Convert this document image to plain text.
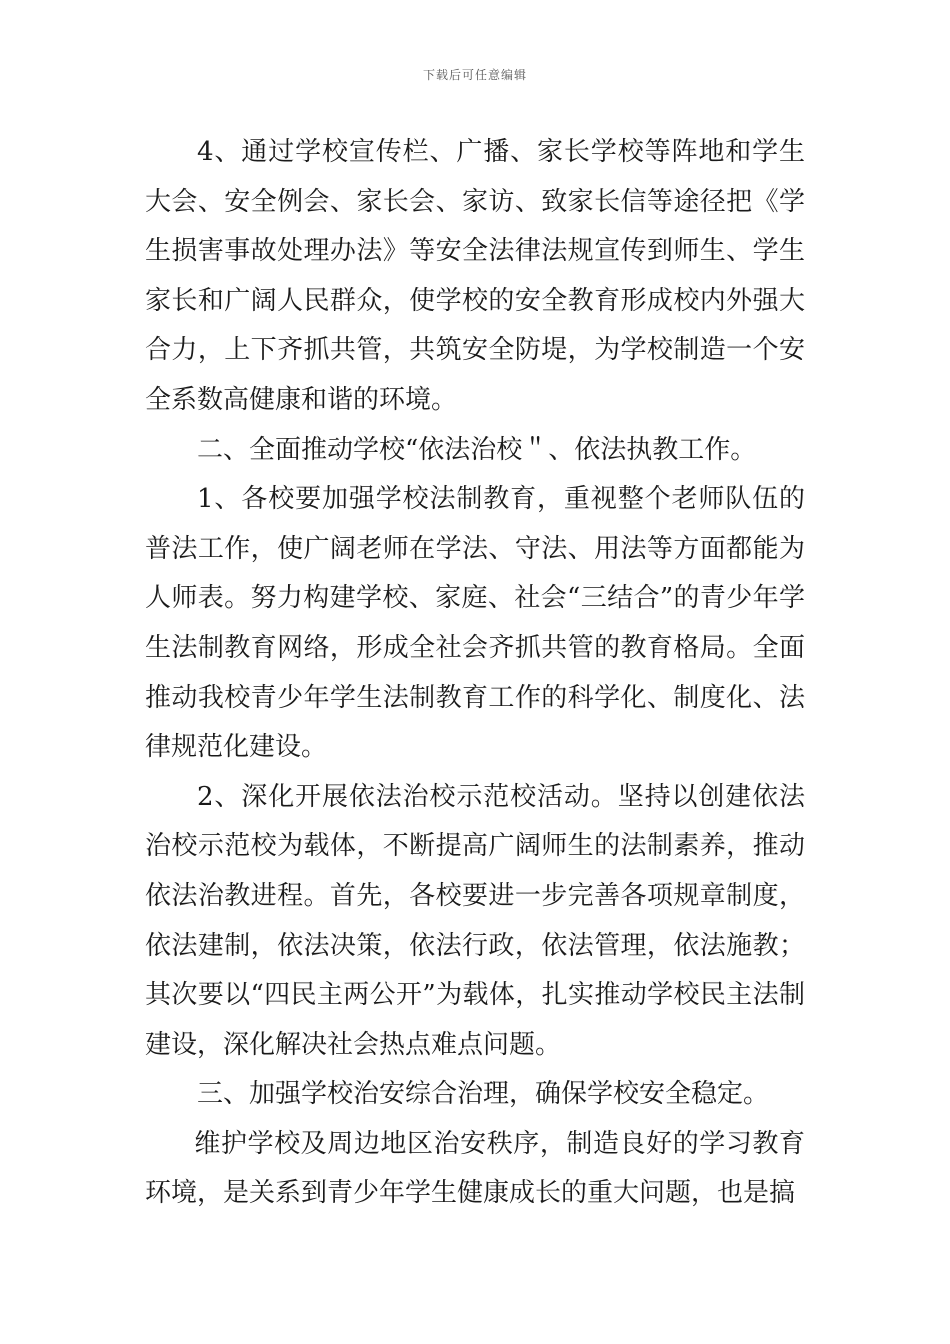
下载后可任意编辑

4、通过学校宣传栏、广播、家长学校等阵地和学生大会、安全例会、家长会、家访、致家长信等途径把《学生损害事故处理办法》等安全法律法规宣传到师生、学生家长和广阔人民群众，使学校的安全教育形成校内外强大合力，上下齐抓共管，共筑安全防堤，为学校制造一个安全系数高健康和谐的环境。

二、全面推动学校“依法治校＂、依法执教工作。

1、各校要加强学校法制教育，重视整个老师队伍的普法工作，使广阔老师在学法、守法、用法等方面都能为人师表。努力构建学校、家庭、社会“三结合”的青少年学生法制教育网络，形成全社会齐抓共管的教育格局。全面推动我校青少年学生法制教育工作的科学化、制度化、法律规范化建设。

2、深化开展依法治校示范校活动。坚持以创建依法治校示范校为载体，不断提高广阔师生的法制素养，推动依法治教进程。首先，各校要进一步完善各项规章制度，依法建制，依法决策，依法行政，依法管理，依法施教；其次要以“四民主两公开”为载体，扎实推动学校民主法制建设，深化解决社会热点难点问题。

三、加强学校治安综合治理，确保学校安全稳定。

维护学校及周边地区治安秩序，制造良好的学习教育环境，是关系到青少年学生健康成长的重大问题，也是搞
